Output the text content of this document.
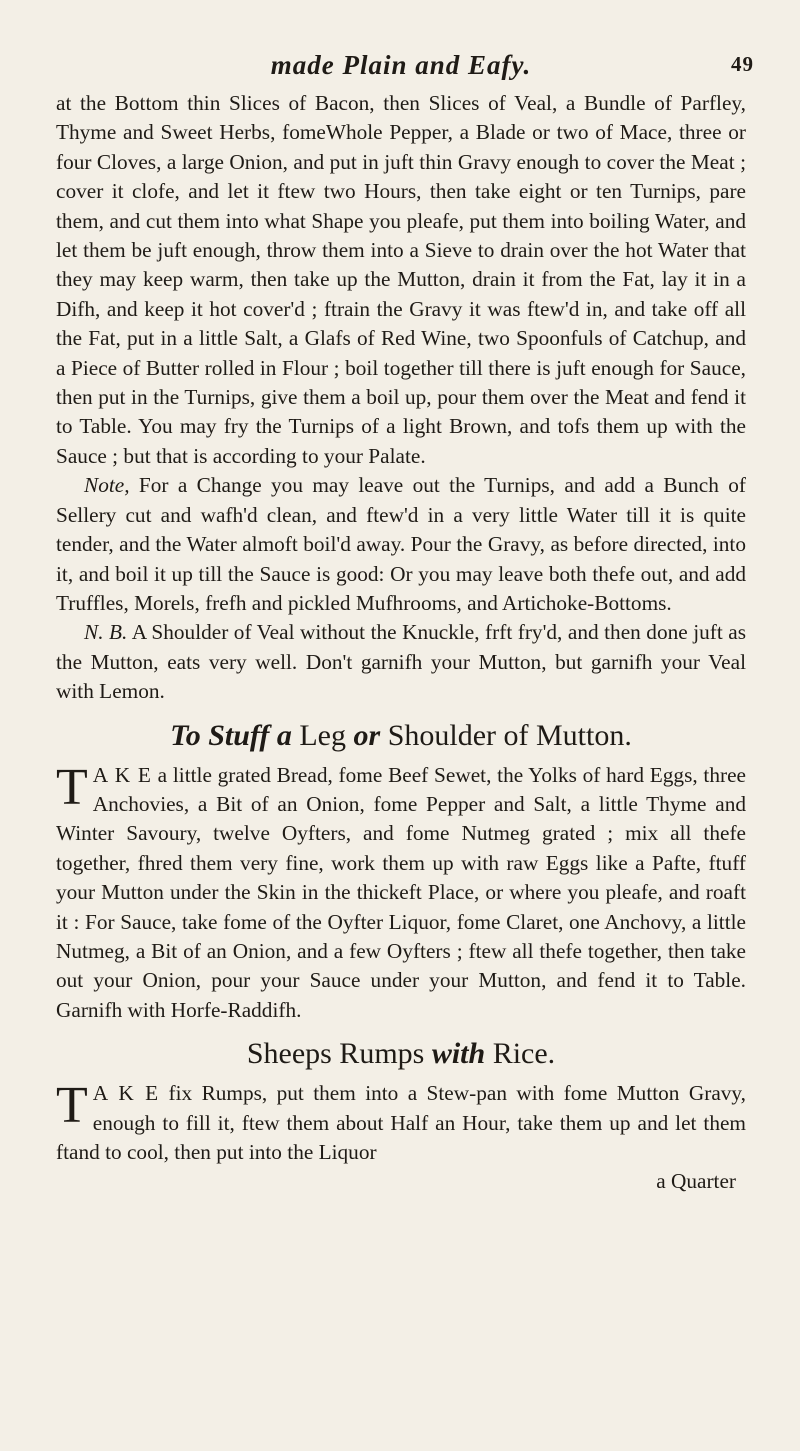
made Plain and Eafy.	49

at the Bottom thin Slices of Bacon, then Slices of Veal, a Bundle of Parfley, Thyme and Sweet Herbs, fomeWhole Pepper, a Blade or two of Mace, three or four Cloves, a large Onion, and put in juft thin Gravy enough to cover the Meat ; cover it clofe, and let it ftew two Hours, then take eight or ten Turnips, pare them, and cut them into what Shape you pleafe, put them into boiling Water, and let them be juft enough, throw them into a Sieve to drain over the hot Water that they may keep warm, then take up the Mutton, drain it from the Fat, lay it in a Difh, and keep it hot cover'd ; ftrain the Gravy it was ftew'd in, and take off all the Fat, put in a little Salt, a Glafs of Red Wine, two Spoonfuls of Catchup, and a Piece of Butter rolled in Flour ; boil together till there is juft enough for Sauce, then put in the Turnips, give them a boil up, pour them over the Meat and fend it to Table. You may fry the Turnips of a light Brown, and tofs them up with the Sauce ; but that is according to your Palate.

Note, For a Change you may leave out the Turnips, and add a Bunch of Sellery cut and wafh'd clean, and ftew'd in a very little Water till it is quite tender, and the Water almoft boil'd away. Pour the Gravy, as before directed, into it, and boil it up till the Sauce is good: Or you may leave both thefe out, and add Truffles, Morels, frefh and pickled Mufhrooms, and Artichoke-Bottoms.

N. B. A Shoulder of Veal without the Knuckle, frft fry'd, and then done juft as the Mutton, eats very well. Don't garnifh your Mutton, but garnifh your Veal with Lemon.

To Stuff a Leg or Shoulder of Mutton.

T A K E a little grated Bread, fome Beef Sewet, the Yolks of hard Eggs, three Anchovies, a Bit of an Onion, fome Pepper and Salt, a little Thyme and Winter Savoury, twelve Oyfters, and fome Nutmeg grated ; mix all thefe together, fhred them very fine, work them up with raw Eggs like a Pafte, ftuff your Mutton under the Skin in the thickeft Place, or where you pleafe, and roaft it : For Sauce, take fome of the Oyfter Liquor, fome Claret, one Anchovy, a little Nutmeg, a Bit of an Onion, and a few Oyfters ; ftew all thefe together, then take out your Onion, pour your Sauce under your Mutton, and fend it to Table. Garnifh with Horfe-Raddifh.

Sheeps Rumps with Rice.

T A K E fix Rumps, put them into a Stew-pan with fome Mutton Gravy, enough to fill it, ftew them about Half an Hour, take them up and let them ftand to cool, then put into the Liquor

a Quarter
